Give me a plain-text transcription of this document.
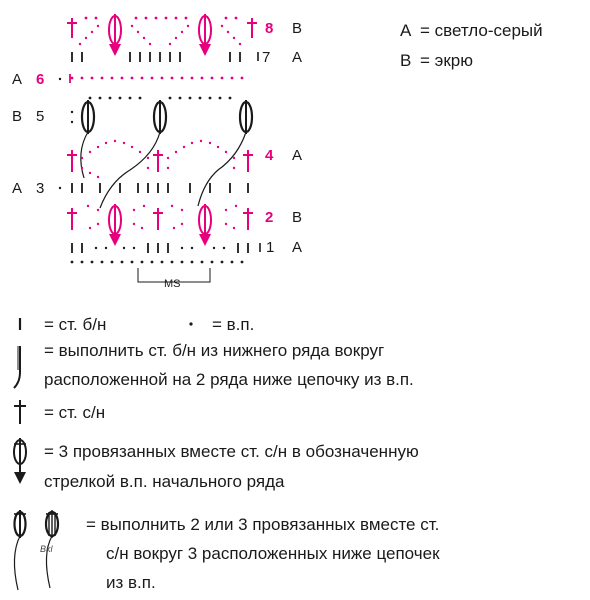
MS
8 B
7 A
4 A
2 B
1 A
A 6
B 5
A 3
A = светло-серый
B = экрю
= ст. б/н	= в.п.
= выполнить ст. б/н из нижнего ряда вокруг
расположенной на 2 ряда ниже цепочку из в.п.
= ст. с/н
= 3 провязанных вместе ст. с/н в обозначенную
стрелкой в.п. начального ряда
Bkl
= выполнить 2 или 3 провязанных вместе ст.
с/н вокруг 3 расположенных ниже цепочек
из в.п.
